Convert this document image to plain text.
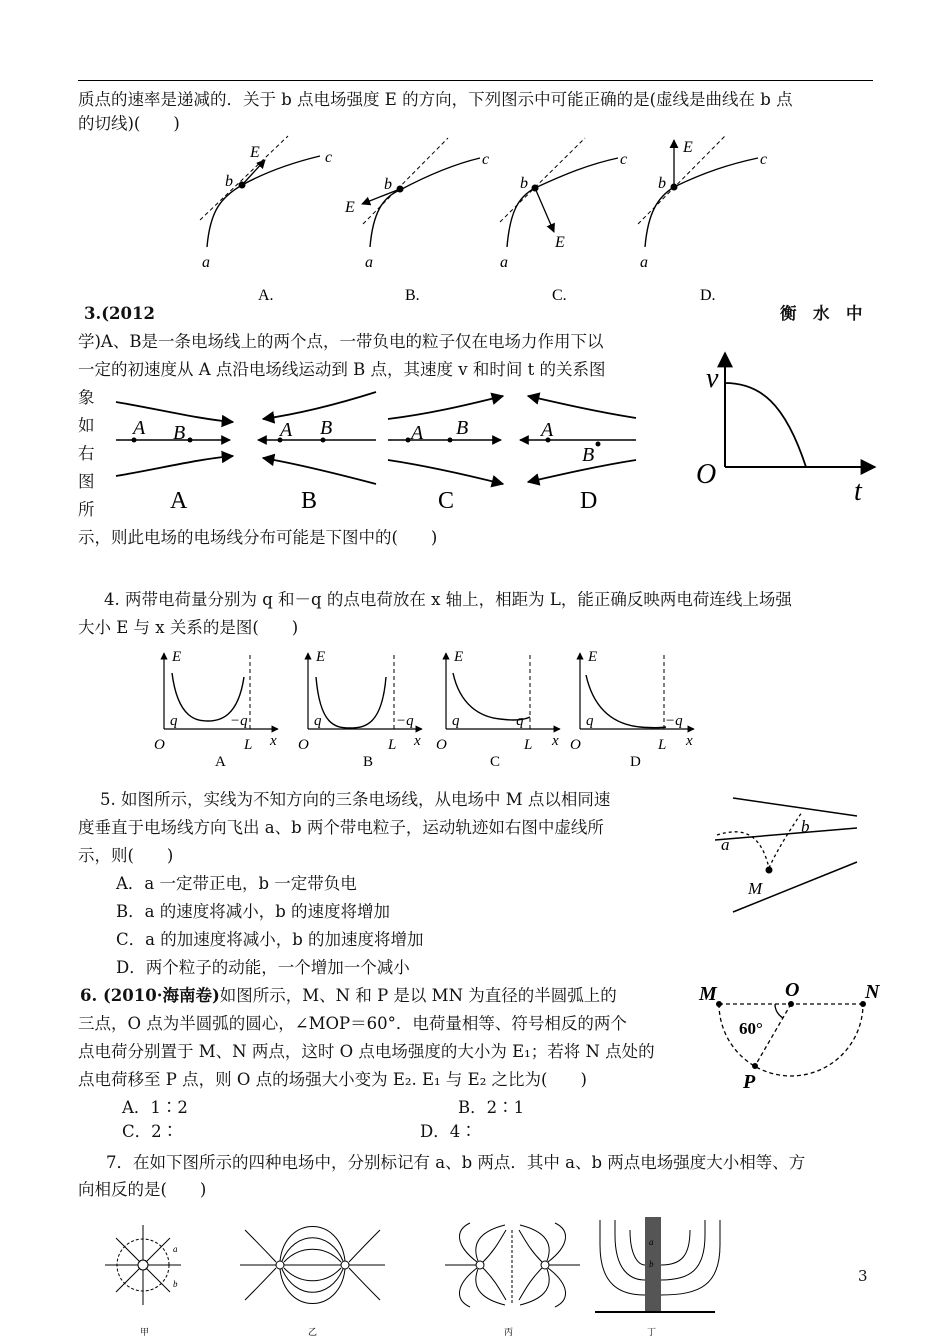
质点的速率是递减的．关于 b 点电场强度 E 的方向，下列图示中可能正确的是(虚线是曲线在 b 点
的切线)(　　)
E
b
c
a
E
b
c
a
E
b
c
a
E
b
c
a
A.	B.	C.	D.
3.(2012	衡　水　中
学)A、B是一条电场线上的两个点，一带负电的粒子仅在电场力作用下以
一定的初速度从 A 点沿电场线运动到 B 点，其速度 v 和时间 t 的关系图
象
如
右
图
所
示，则此电场的电场线分布可能是下图中的(　　)
A B	A B	A B	A
B
A	B	C	D
v
O
t
4. 两带电荷量分别为 q 和－q 的点电荷放在 x 轴上，相距为 L，能正确反映两电荷连线上场强
大小 E 与 x 关系的是图(　　)
E
q	−q
O	L x
A
E
q	−q
O	L x
B
E
q	−q
O	L x
C
E
q	−q
O	L x
D
5. 如图所示，实线为不知方向的三条电场线，从电场中 M 点以相同速
度垂直于电场线方向飞出 a、b 两个带电粒子，运动轨迹如右图中虚线所
示，则(　　)
A．a 一定带正电，b 一定带负电
B．a 的速度将减小，b 的速度将增加
C．a 的加速度将减小，b 的加速度将增加
D．两个粒子的动能，一个增加一个减小
a
b
M
6. (2010·海南卷)如图所示，M、N 和 P 是以 MN 为直径的半圆弧上的
三点，O 点为半圆弧的圆心，∠MOP＝60°．电荷量相等、符号相反的两个
点电荷分别置于 M、N 两点，这时 O 点电场强度的大小为 E₁；若将 N 点处的
点电荷移至 P 点，则 O 点的场强大小变为 E₂. E₁ 与 E₂ 之比为(　　)
A．1∶2	B．2∶1
C．2∶	D．4∶
M	O	N
P
60°
7．在如下图所示的四种电场中，分别标记有 a、b 两点．其中 a、b 两点电场强度大小相等、方
向相反的是(　　)
a
b
a
b
甲	乙	丙	丁
3
